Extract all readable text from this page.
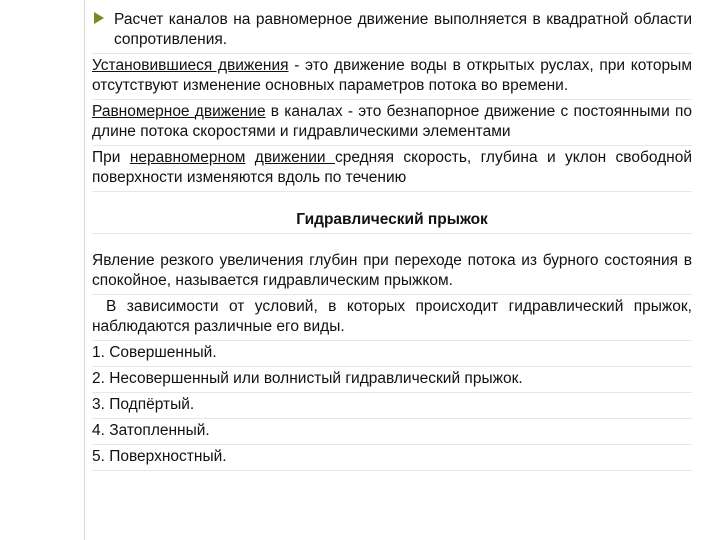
Расчет каналов на равномерное движение выполняется в квадратной области сопротивления.

Установившиеся движения - это движение воды в открытых руслах, при которым отсутствуют изменение основных параметров потока во времени.

Равномерное движение в каналах - это безнапорное движение с постоянными по длине потока скоростями и гидравлическими элементами

При неравномерном движении средняя скорость, глубина и уклон свободной поверхности изменяются вдоль по течению

Гидравлический прыжок

Явление резкого увеличения глубин при переходе потока из бурного состояния в спокойное, называется гидравлическим прыжком.

В зависимости от условий, в которых происходит гидравлический прыжок, наблюдаются различные его виды.

1. Совершенный.

2. Несовершенный или волнистый гидравлический прыжок.

3. Подпёртый.

4. Затопленный.

5. Поверхностный.
